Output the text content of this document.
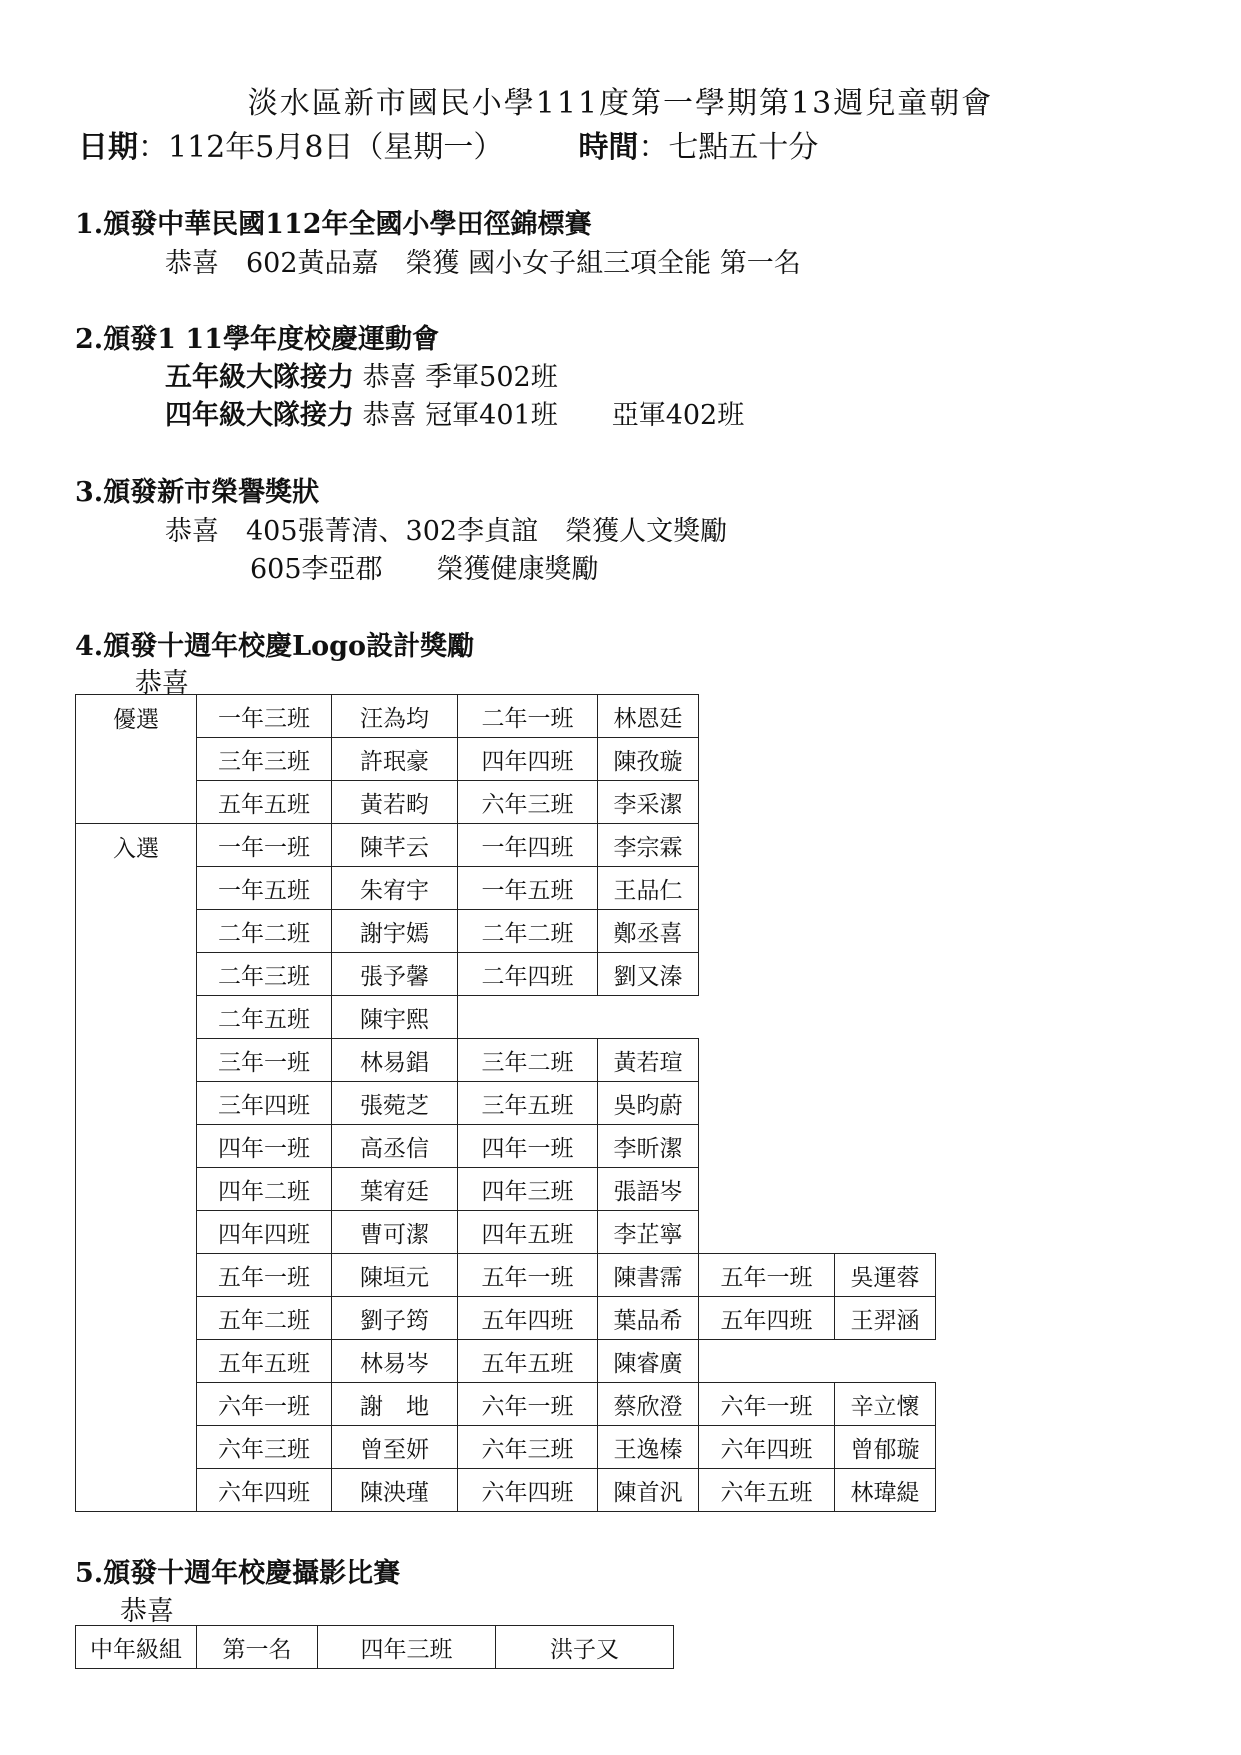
淡水區新市國民小學111度第一學期第13週兒童朝會
日期：112年5月8日（星期一）　　　	時間：七點五十分
1.頒發中華民國112年全國小學田徑錦標賽
恭喜　602黃品嘉　榮獲 國小女子組三項全能 第一名
2.頒發1 11學年度校慶運動會
五年級大隊接力 恭喜 季軍502班
四年級大隊接力 恭喜 冠軍401班　　亞軍402班
3.頒發新市榮譽獎狀
恭喜　405張菁清、302李貞誼　榮獲人文獎勵
605李亞郡　　榮獲健康獎勵
4.頒發十週年校慶Logo設計獎勵
恭喜
優選	一年三班	汪為均	二年一班	林恩廷		
	三年三班	許珉豪	四年四班	陳孜璇		
	五年五班	黃若畇	六年三班	李采潔		
入選	一年一班	陳芊云	一年四班	李宗霖		
	一年五班	朱宥宇	一年五班	王品仁		
	二年二班	謝宇嫣	二年二班	鄭丞喜		
	二年三班	張予馨	二年四班	劉又溱		
	二年五班	陳宇熙				
	三年一班	林易錩	三年二班	黃若瑄		
	三年四班	張菀芝	三年五班	吳昀蔚		
	四年一班	高丞信	四年一班	李昕潔		
	四年二班	葉宥廷	四年三班	張語岑		
	四年四班	曹可潔	四年五班	李芷寧		
	五年一班	陳垣元	五年一班	陳書霈	五年一班	吳運蓉
	五年二班	劉子筠	五年四班	葉品希	五年四班	王羿涵
	五年五班	林易岑	五年五班	陳睿廣		
	六年一班	謝　地	六年一班	蔡欣澄	六年一班	辛立懷
	六年三班	曾至妍	六年三班	王逸榛	六年四班	曾郁璇
	六年四班	陳泱瑾	六年四班	陳首汎	六年五班	林瑋緹
5.頒發十週年校慶攝影比賽
恭喜
中年級組	第一名	四年三班	洪子又
